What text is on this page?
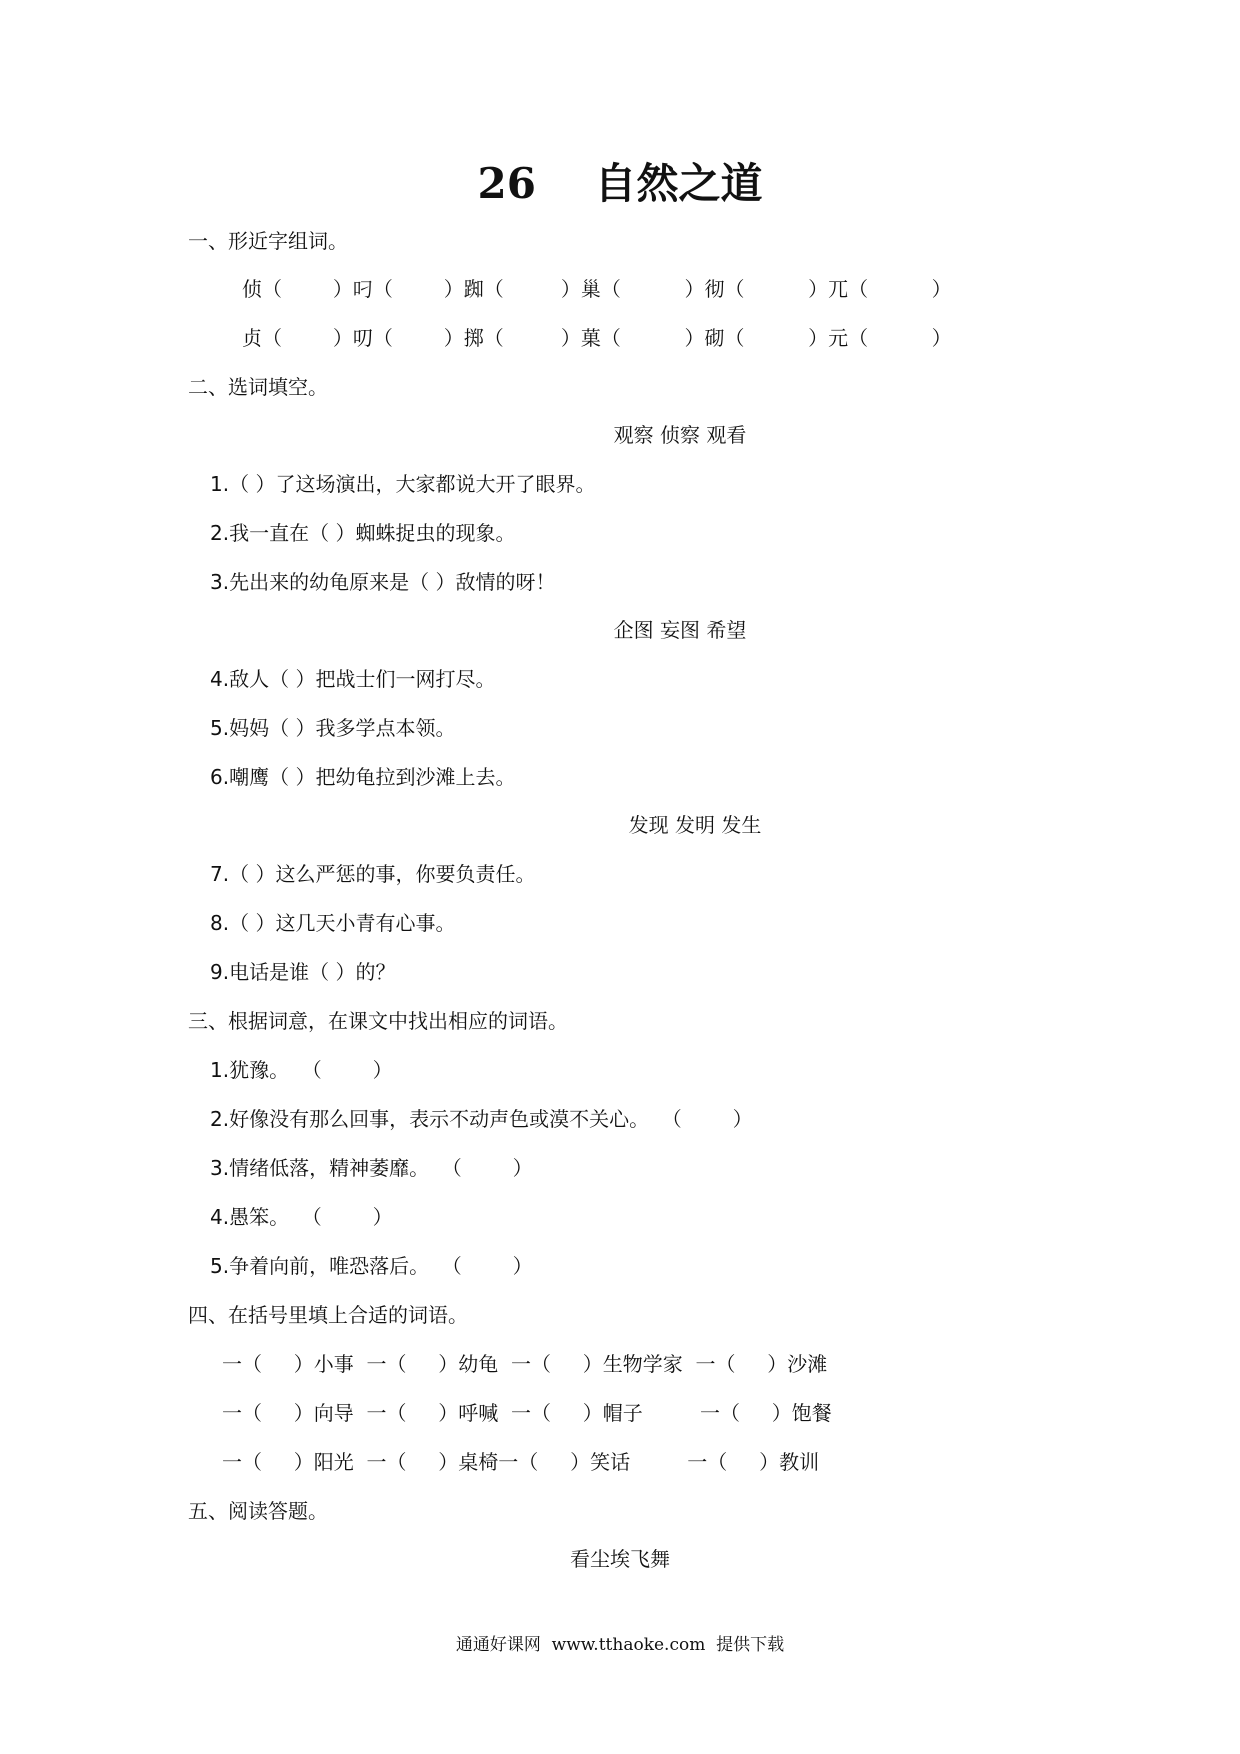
26    自然之道
一、形近字组词。
侦（        ）叼（        ）踟（         ）巢（          ）彻（          ）兀（          ）
贞（        ）叨（        ）掷（         ）菓（          ）砌（          ）元（          ）
二、选词填空。
观察 侦察 观看
1.（ ）了这场演出，大家都说大开了眼界。
2.我一直在（ ）蜘蛛捉虫的现象。
3.先出来的幼龟原来是（ ）敌情的呀！
企图 妄图 希望
4.敌人（ ）把战士们一网打尽。
5.妈妈（ ）我多学点本领。
6.嘲鹰（ ）把幼龟拉到沙滩上去。
发现 发明 发生
7.（ ）这么严惩的事，你要负责任。
8.（ ）这几天小青有心事。
9.电话是谁（ ）的？
三、根据词意，在课文中找出相应的词语。
1.犹豫。  （        ）
2.好像没有那么回事，表示不动声色或漠不关心。  （        ）
3.情绪低落，精神萎靡。  （        ）
4.愚笨。  （        ）
5.争着向前，唯恐落后。  （        ）
四、在括号里填上合适的词语。
一（     ）小事  一（     ）幼龟  一（     ）生物学家  一（     ）沙滩
一（     ）向导  一（     ）呼喊  一（     ）帽子         一（     ）饱餐
一（     ）阳光  一（     ）桌椅一（     ）笑话         一（     ）教训
五、阅读答题。
看尘埃飞舞
通通好课网  www.tthaoke.com  提供下载
